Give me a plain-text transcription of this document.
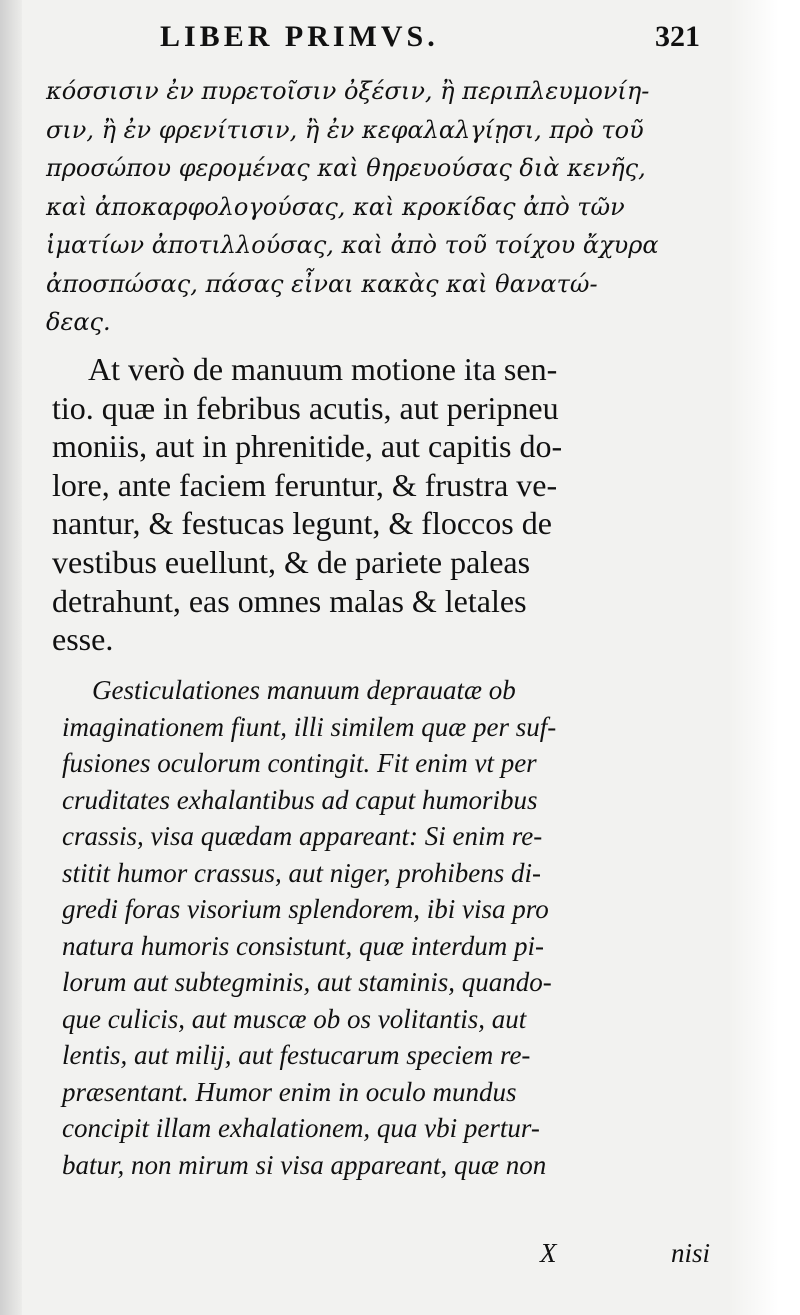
LIBER PRIMVS.	321
κόσσισιν ἐν πυρετοῖσιν ὀξέσιν, ἢ περιπλευμονίη-
σιν, ἢ ἐν φρενίτισιν, ἢ ἐν κεφαλαλγίῃσι, πρὸ τοῦ
προσώπου φερομένας καὶ θηρευούσας διὰ κενῆς,
καὶ ἀποκαρφολογούσας, καὶ κροκίδας ἀπὸ τῶν
ἱματίων ἀποτιλλούσας, καὶ ἀπὸ τοῦ τοίχου ἄχυρα
ἀποσπώσας, πάσας εἶναι κακὰς καὶ θανατώ-
δεας.
At verò de manuum motione ita sen-
tio. quæ in febribus acutis, aut peripneu
moniis, aut in phrenitide, aut capitis do-
lore, ante faciem feruntur, & frustra ve-
nantur, & festucas legunt, & floccos de
vestibus euellunt, & de pariete paleas
detrahunt, eas omnes malas & letales
esse.
Gesticulationes manuum deprauatæ ob
imaginationem fiunt, illi similem quæ per suf-
fusiones oculorum contingit. Fit enim vt per
cruditates exhalantibus ad caput humoribus
crassis, visa quædam appareant: Si enim re-
stitit humor crassus, aut niger, prohibens di-
gredi foras visorium splendorem, ibi visa pro
natura humoris consistunt, quæ interdum pi-
lorum aut subtegminis, aut staminis, quando-
que culicis, aut muscæ ob os volitantis, aut
lentis, aut milij, aut festucarum speciem re-
præsentant. Humor enim in oculo mundus
concipit illam exhalationem, qua vbi pertur-
batur, non mirum si visa appareant, quæ non
X	nisi
